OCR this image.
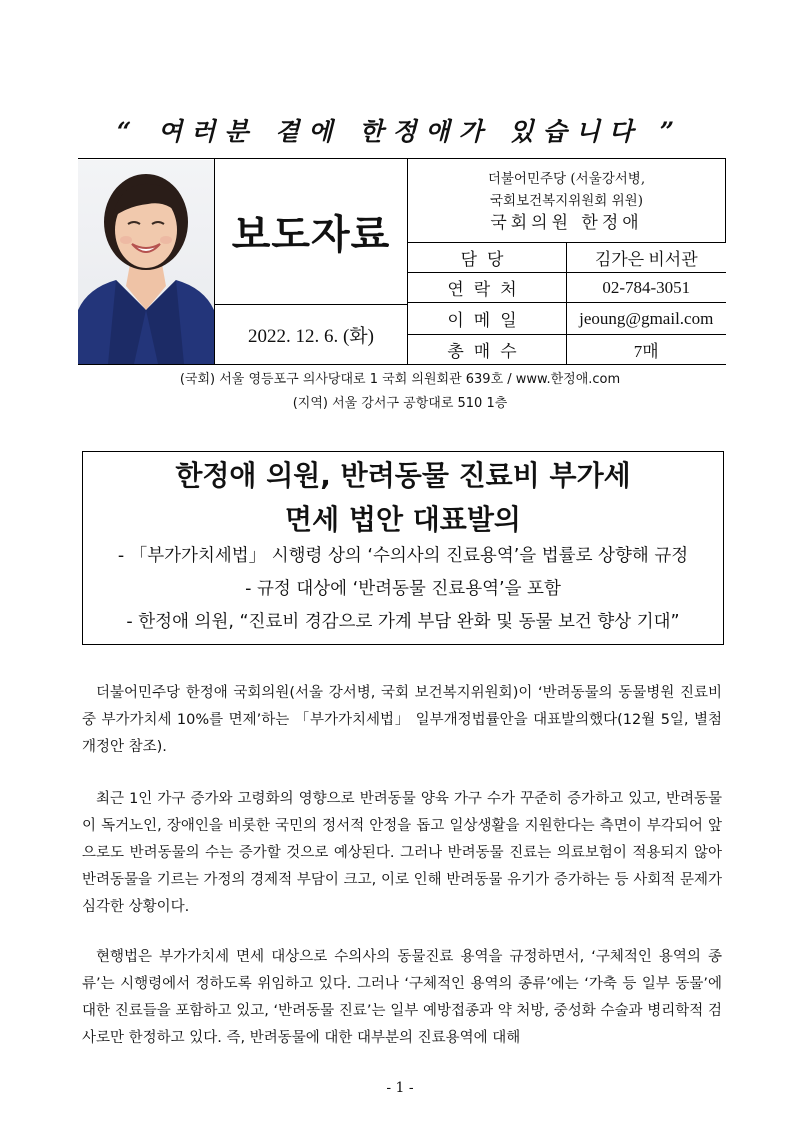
“ 여러분 곁에 한정애가 있습니다 ”
	보도자료	더불어민주당 (서울강서병,
국회보건복지위원회 위원)
국회의원 한정애	

		담당	김가은 비서관
		연락처	02-784-3051
		이메일	jeoung@gmail.com
	2022. 12. 6. (화)		
		총매수	7매
(국회) 서울 영등포구 의사당대로 1 국회 의원회관 639호 / www.한정애.com
(지역) 서울 강서구 공항대로 510 1층
한정애 의원, 반려동물 진료비 부가세
면세 법안 대표발의
- 「부가가치세법」 시행령 상의 ‘수의사의 진료용역’을 법률로 상향해 규정
- 규정 대상에 ‘반려동물 진료용역’을 포함
- 한정애 의원, “진료비 경감으로 가계 부담 완화 및 동물 보건 향상 기대”

더불어민주당 한정애 국회의원(서울 강서병, 국회 보건복지위원회)이 ‘반려동물의 동물병원 진료비 중 부가가치세 10%를 면제’하는 「부가가치세법」 일부개정법률안을 대표발의했다(12월 5일, 별첨 개정안 참조).

최근 1인 가구 증가와 고령화의 영향으로 반려동물 양육 가구 수가 꾸준히 증가하고 있고, 반려동물이 독거노인, 장애인을 비롯한 국민의 정서적 안정을 돕고 일상생활을 지원한다는 측면이 부각되어 앞으로도 반려동물의 수는 증가할 것으로 예상된다. 그러나 반려동물 진료는 의료보험이 적용되지 않아 반려동물을 기르는 가정의 경제적 부담이 크고, 이로 인해 반려동물 유기가 증가하는 등 사회적 문제가 심각한 상황이다.

현행법은 부가가치세 면세 대상으로 수의사의 동물진료 용역을 규정하면서, ‘구체적인 용역의 종류’는 시행령에서 정하도록 위임하고 있다. 그러나 ‘구체적인 용역의 종류’에는 ‘가축 등 일부 동물’에 대한 진료들을 포함하고 있고, ‘반려동물 진료’는 일부 예방접종과 약 처방, 중성화 수술과 병리학적 검사로만 한정하고 있다. 즉, 반려동물에 대한 대부분의 진료용역에 대해

- 1 -
